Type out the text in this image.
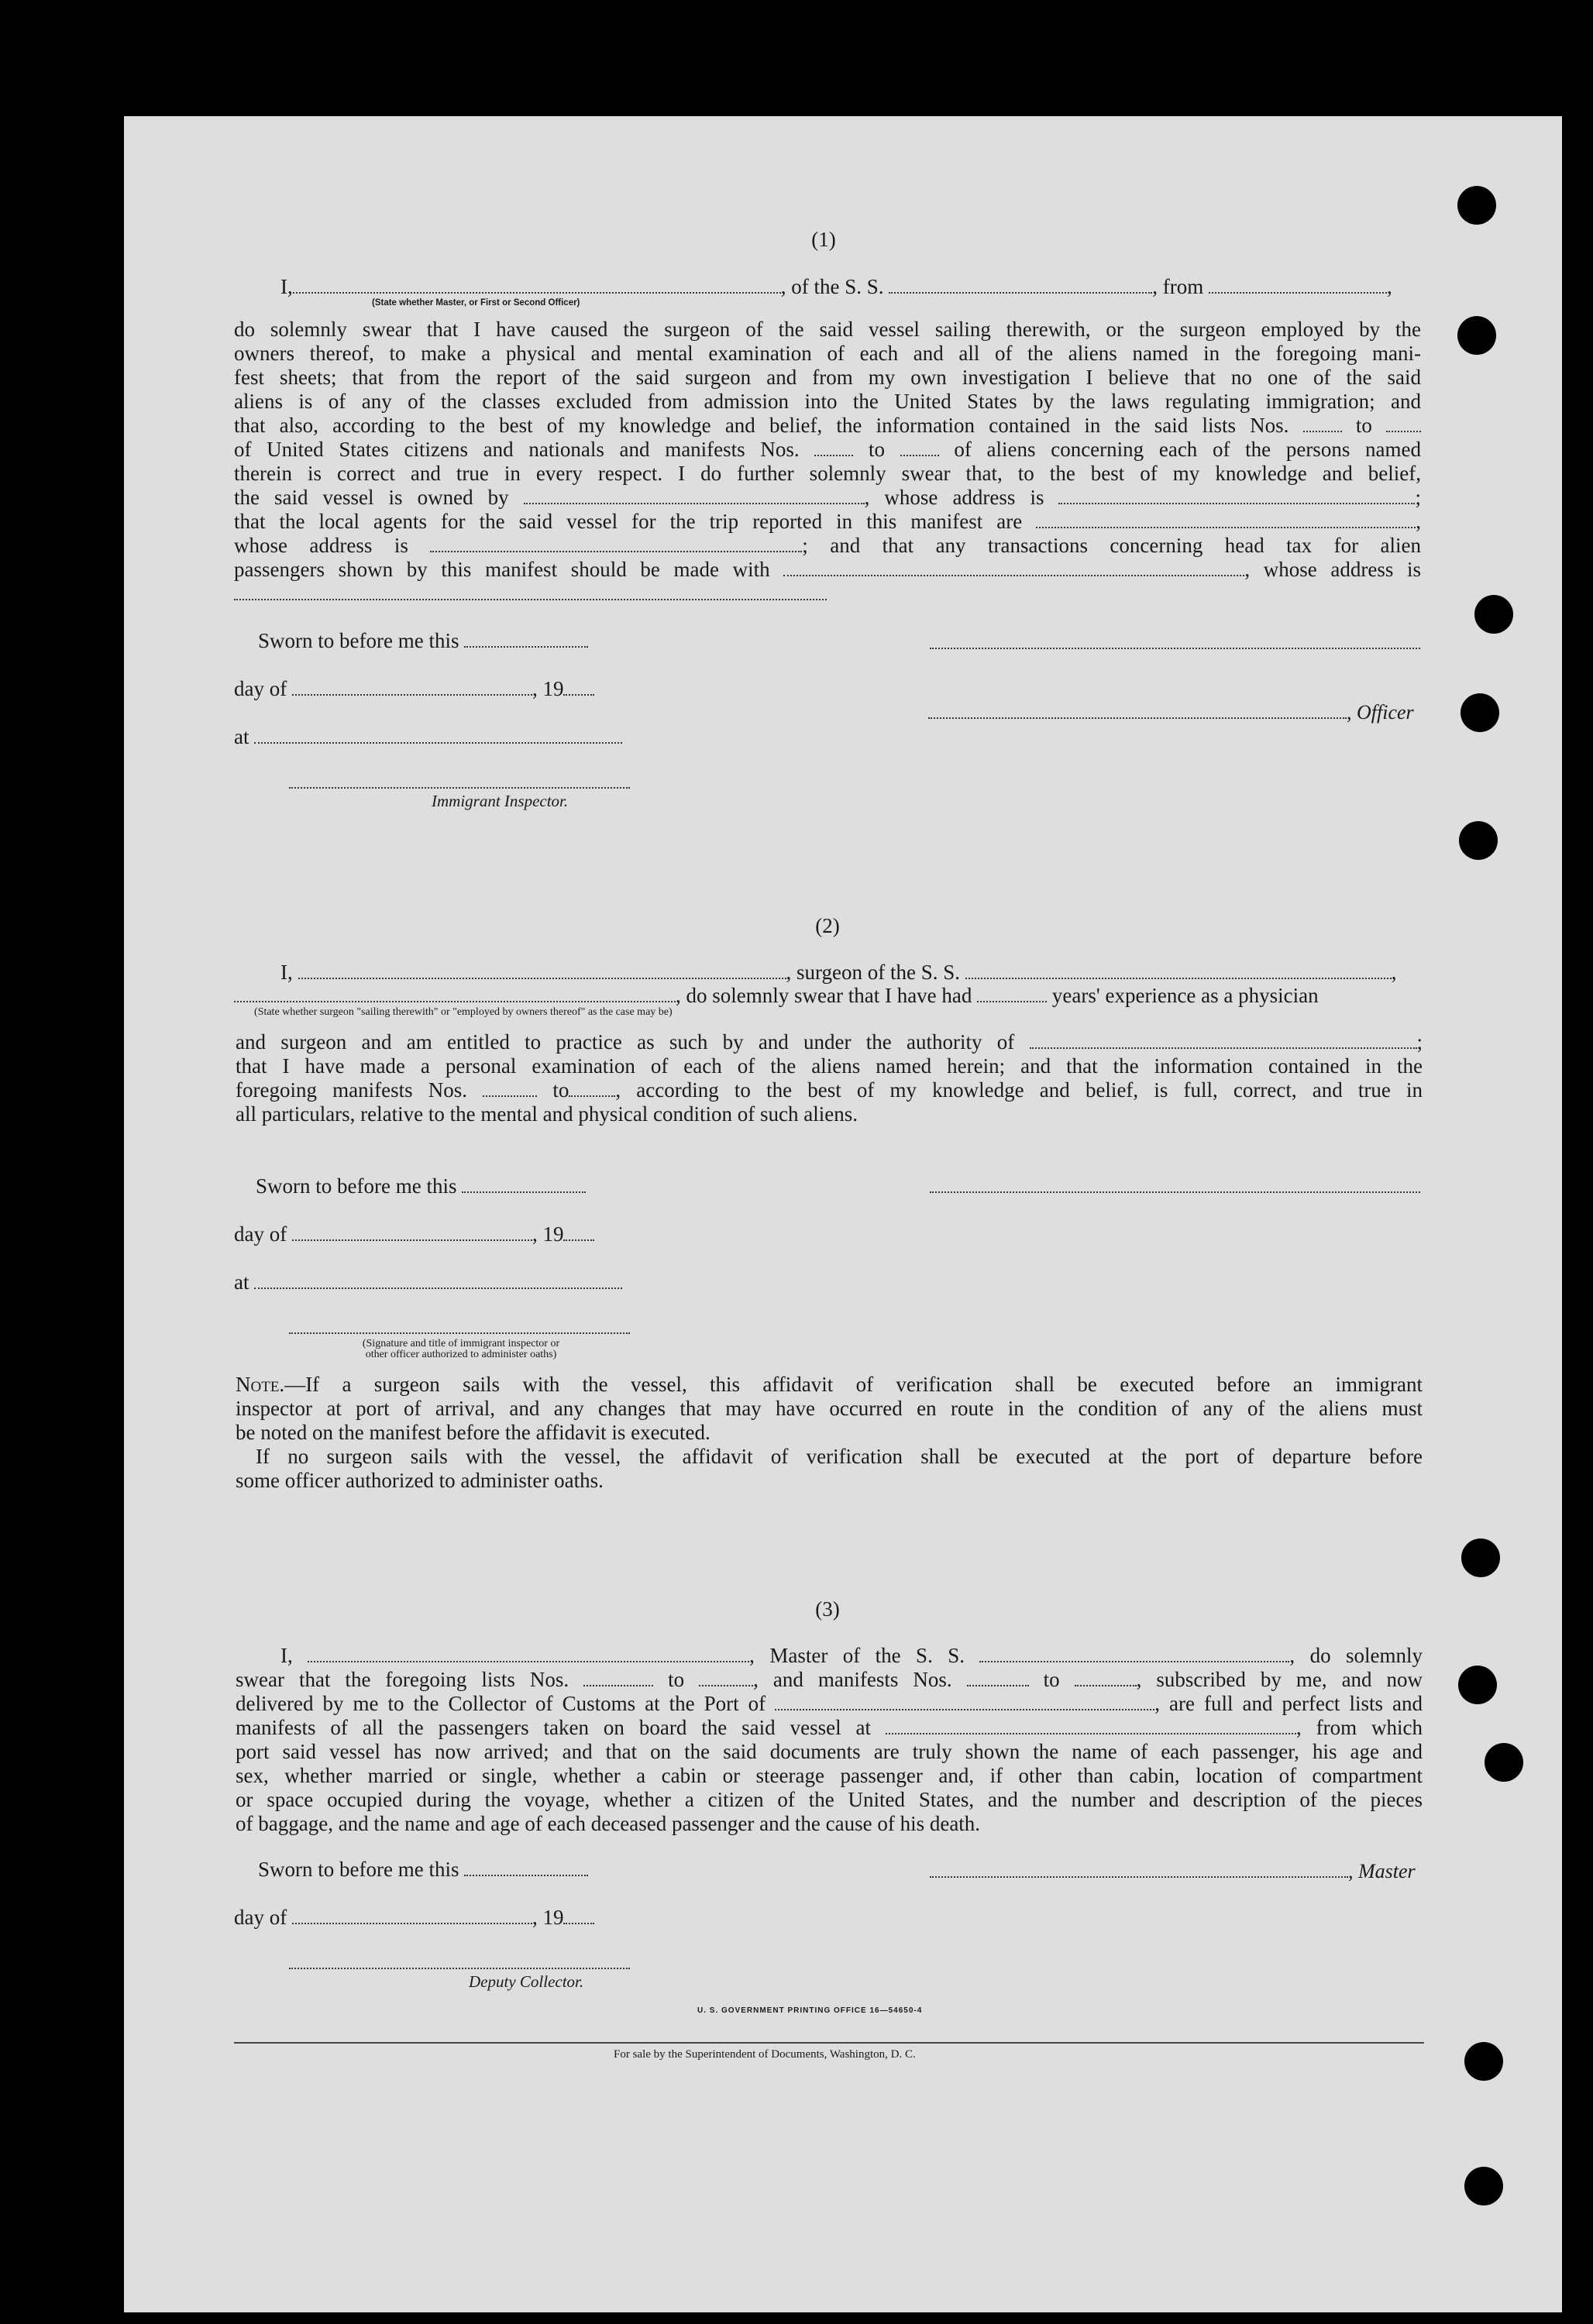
(1)
I,	, of the S. S.	, from	,
(State whether Master, or First or Second Officer)
do solemnly swear that I have caused the surgeon of the said vessel sailing therewith, or the surgeon employed by the
owners thereof, to make a physical and mental examination of each and all of the aliens named in the foregoing mani-
fest sheets; that from the report of the said surgeon and from my own investigation I believe that no one of the said
aliens is of any of the classes excluded from admission into the United States by the laws regulating immigration; and
that also, according to the best of my knowledge and belief, the information contained in the said lists Nos.	to
of United States citizens and nationals and manifests Nos.	to	of aliens concerning each of the persons named
therein is correct and true in every respect. I do further solemnly swear that, to the best of my knowledge and belief,
the said vessel is owned by	, whose address is	;
that the local agents for the said vessel for the trip reported in this manifest are	,
whose address is	; and that any transactions concerning head tax for alien
passengers shown by this manifest should be made with	, whose address is
Sworn to before me this
day of	, 19
, Officer
at
Immigrant Inspector.
(2)
I,	, surgeon of the S. S.	,
, do solemnly swear that I have had	years' experience as a physician
(State whether surgeon "sailing therewith" or "employed by owners thereof" as the case may be)
and surgeon and am entitled to practice as such by and under the authority of	;
that I have made a personal examination of each of the aliens named herein; and that the information contained in the
foregoing manifests Nos.	to , according to the best of my knowledge and belief, is full, correct, and true in
all particulars, relative to the mental and physical condition of such aliens.
Sworn to before me this
day of	, 19
at
(Signature and title of immigrant inspector or
other officer authorized to administer oaths)
Note.—If a surgeon sails with the vessel, this affidavit of verification shall be executed before an immigrant
inspector at port of arrival, and any changes that may have occurred en route in the condition of any of the aliens must
be noted on the manifest before the affidavit is executed.
If no surgeon sails with the vessel, the affidavit of verification shall be executed at the port of departure before
some officer authorized to administer oaths.
(3)
I,	, Master of the S. S.	, do solemnly
swear that the foregoing lists Nos.	to	, and manifests Nos.	to	, subscribed by me, and now
delivered by me to the Collector of Customs at the Port of	, are full and perfect lists and
manifests of all the passengers taken on board the said vessel at	, from which
port said vessel has now arrived; and that on the said documents are truly shown the name of each passenger, his age and
sex, whether married or single, whether a cabin or steerage passenger and, if other than cabin, location of compartment
or space occupied during the voyage, whether a citizen of the United States, and the number and description of the pieces
of baggage, and the name and age of each deceased passenger and the cause of his death.
Sworn to before me this	, Master
day of	, 19
Deputy Collector.
U. S. GOVERNMENT PRINTING OFFICE 16—54650-4
For sale by the Superintendent of Documents, Washington, D. C.
